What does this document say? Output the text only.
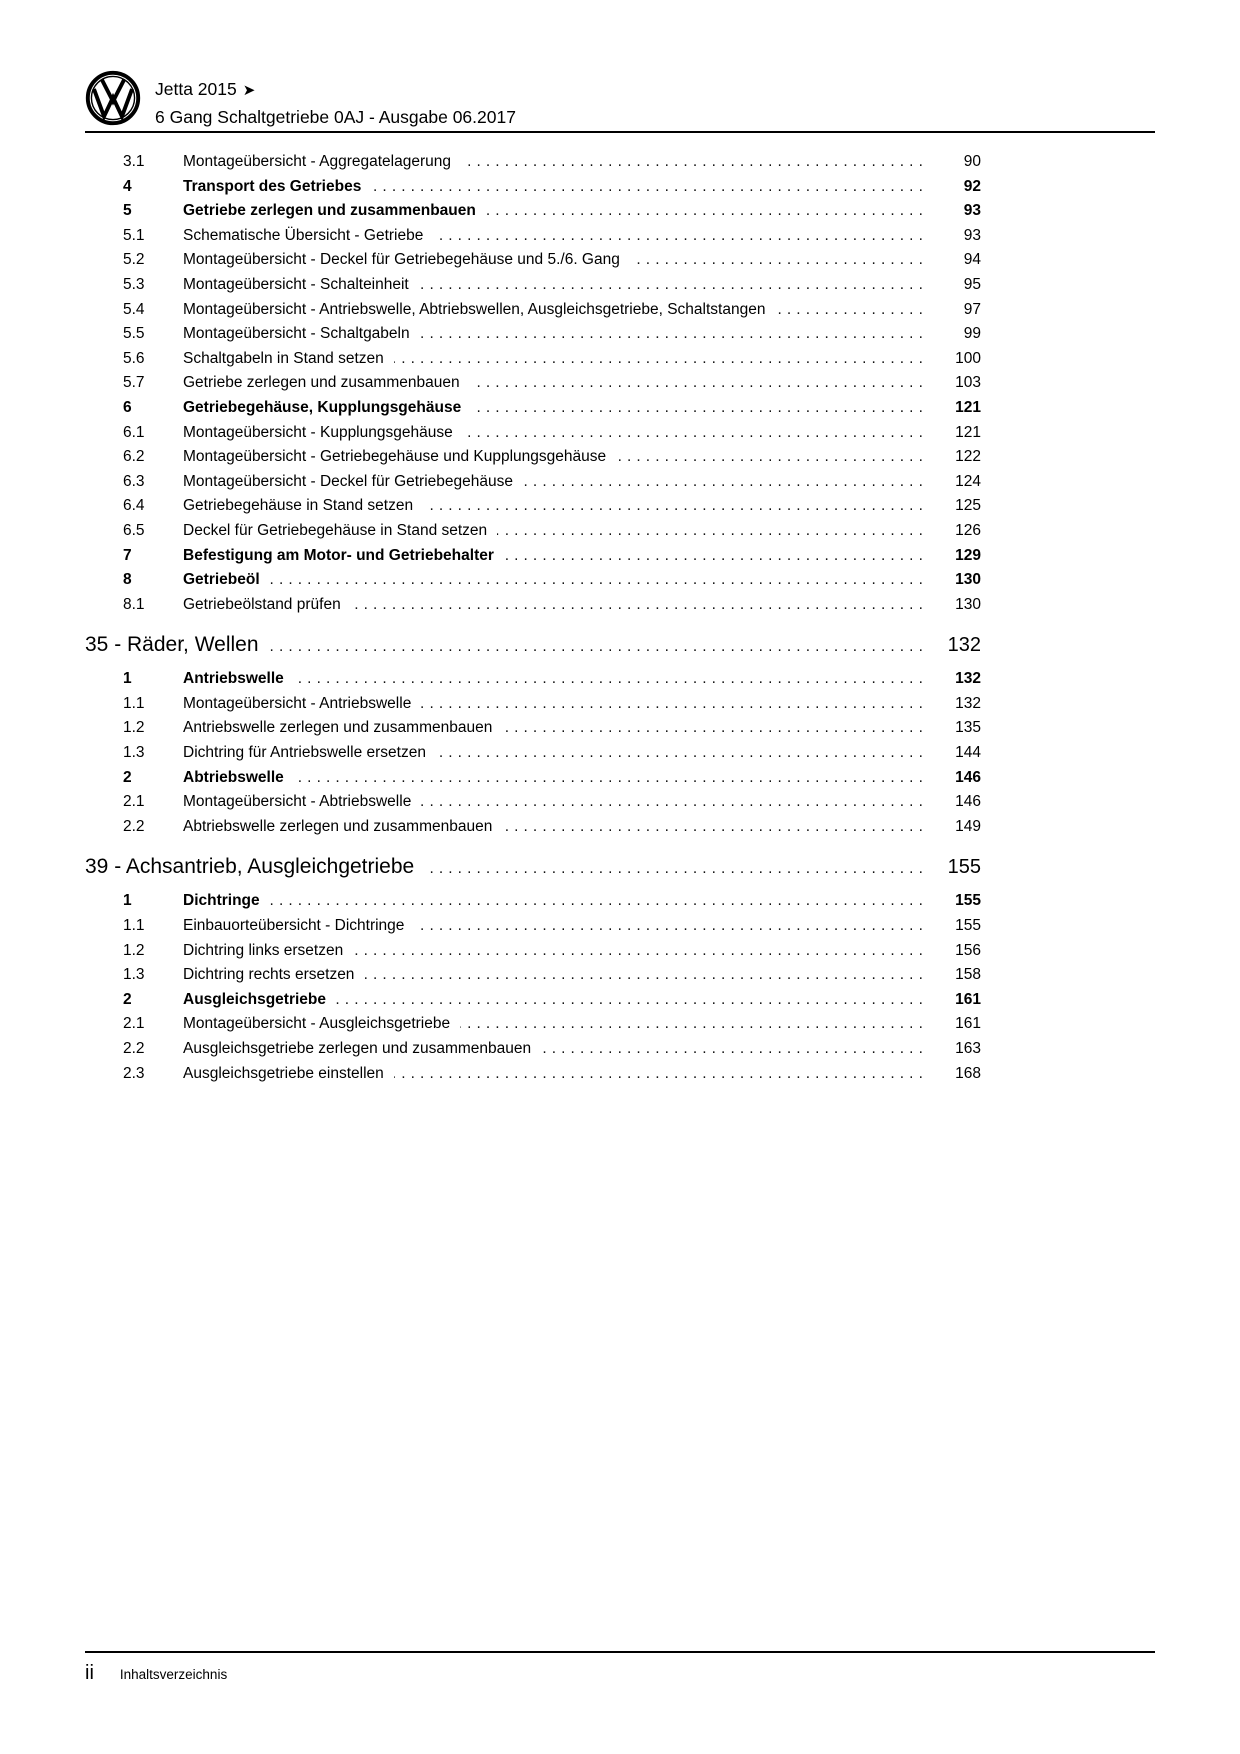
Jetta 2015 ➤
6 Gang Schaltgetriebe 0AJ - Ausgabe 06.2017
3.1	Montageübersicht - Aggregatelagerung .....	90
4	Transport des Getriebes .....	92
5	Getriebe zerlegen und zusammenbauen .....	93
5.1	Schematische Übersicht - Getriebe .....	93
5.2	Montageübersicht - Deckel für Getriebegehäuse und 5./6. Gang .....	94
5.3	Montageübersicht - Schalteinheit .....	95
5.4	Montageübersicht - Antriebswelle, Abtriebswellen, Ausgleichsgetriebe, Schaltstangen .....	97
5.5	Montageübersicht - Schaltgabeln .....	99
5.6	Schaltgabeln in Stand setzen .....	100
5.7	Getriebe zerlegen und zusammenbauen .....	103
6	Getriebegehäuse, Kupplungsgehäuse .....	121
6.1	Montageübersicht - Kupplungsgehäuse .....	121
6.2	Montageübersicht - Getriebegehäuse und Kupplungsgehäuse .....	122
6.3	Montageübersicht - Deckel für Getriebegehäuse .....	124
6.4	Getriebegehäuse in Stand setzen .....	125
6.5	Deckel für Getriebegehäuse in Stand setzen .....	126
7	Befestigung am Motor- und Getriebehalter .....	129
8	Getriebeöl .....	130
8.1	Getriebeölstand prüfen .....	130
35 - Räder, Wellen .....	132
1	Antriebswelle .....	132
1.1	Montageübersicht - Antriebswelle .....	132
1.2	Antriebswelle zerlegen und zusammenbauen .....	135
1.3	Dichtring für Antriebswelle ersetzen .....	144
2	Abtriebswelle .....	146
2.1	Montageübersicht - Abtriebswelle .....	146
2.2	Abtriebswelle zerlegen und zusammenbauen .....	149
39 - Achsantrieb, Ausgleichgetriebe .....	155
1	Dichtringe .....	155
1.1	Einbauorteübersicht - Dichtringe .....	155
1.2	Dichtring links ersetzen .....	156
1.3	Dichtring rechts ersetzen .....	158
2	Ausgleichsgetriebe .....	161
2.1	Montageübersicht - Ausgleichsgetriebe .....	161
2.2	Ausgleichsgetriebe zerlegen und zusammenbauen .....	163
2.3	Ausgleichsgetriebe einstellen .....	168
ii Inhaltsverzeichnis
